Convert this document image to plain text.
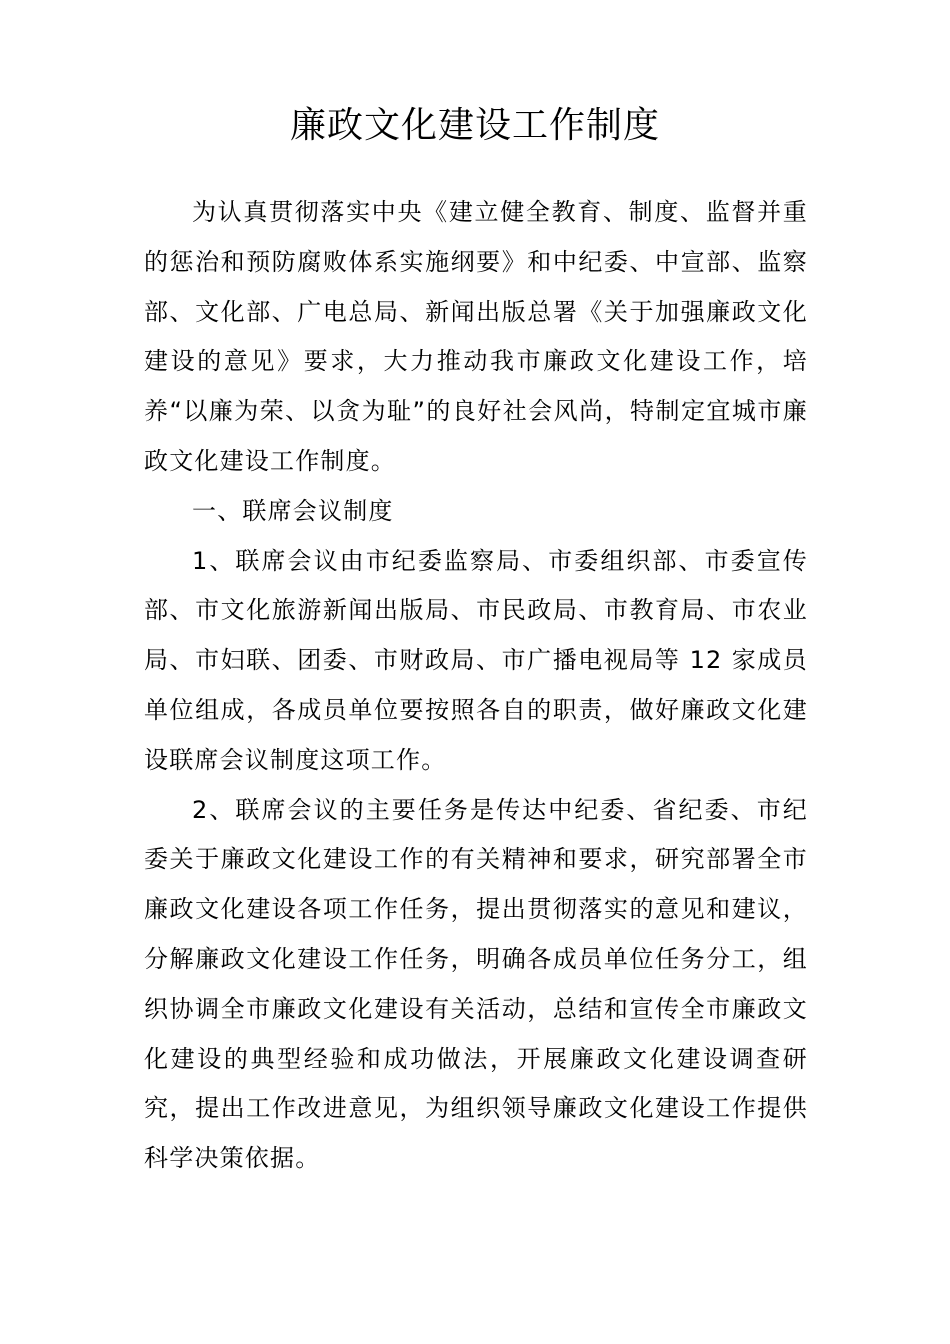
廉政文化建设工作制度

为认真贯彻落实中央《建立健全教育、制度、监督并重的惩治和预防腐败体系实施纲要》和中纪委、中宣部、监察部、文化部、广电总局、新闻出版总署《关于加强廉政文化建设的意见》要求，大力推动我市廉政文化建设工作，培养“以廉为荣、以贪为耻”的良好社会风尚，特制定宜城市廉政文化建设工作制度。

一、联席会议制度

1、联席会议由市纪委监察局、市委组织部、市委宣传部、市文化旅游新闻出版局、市民政局、市教育局、市农业局、市妇联、团委、市财政局、市广播电视局等 12 家成员单位组成，各成员单位要按照各自的职责，做好廉政文化建设联席会议制度这项工作。

2、联席会议的主要任务是传达中纪委、省纪委、市纪委关于廉政文化建设工作的有关精神和要求，研究部署全市廉政文化建设各项工作任务，提出贯彻落实的意见和建议，分解廉政文化建设工作任务，明确各成员单位任务分工，组织协调全市廉政文化建设有关活动，总结和宣传全市廉政文化建设的典型经验和成功做法，开展廉政文化建设调查研究，提出工作改进意见，为组织领导廉政文化建设工作提供科学决策依据。
